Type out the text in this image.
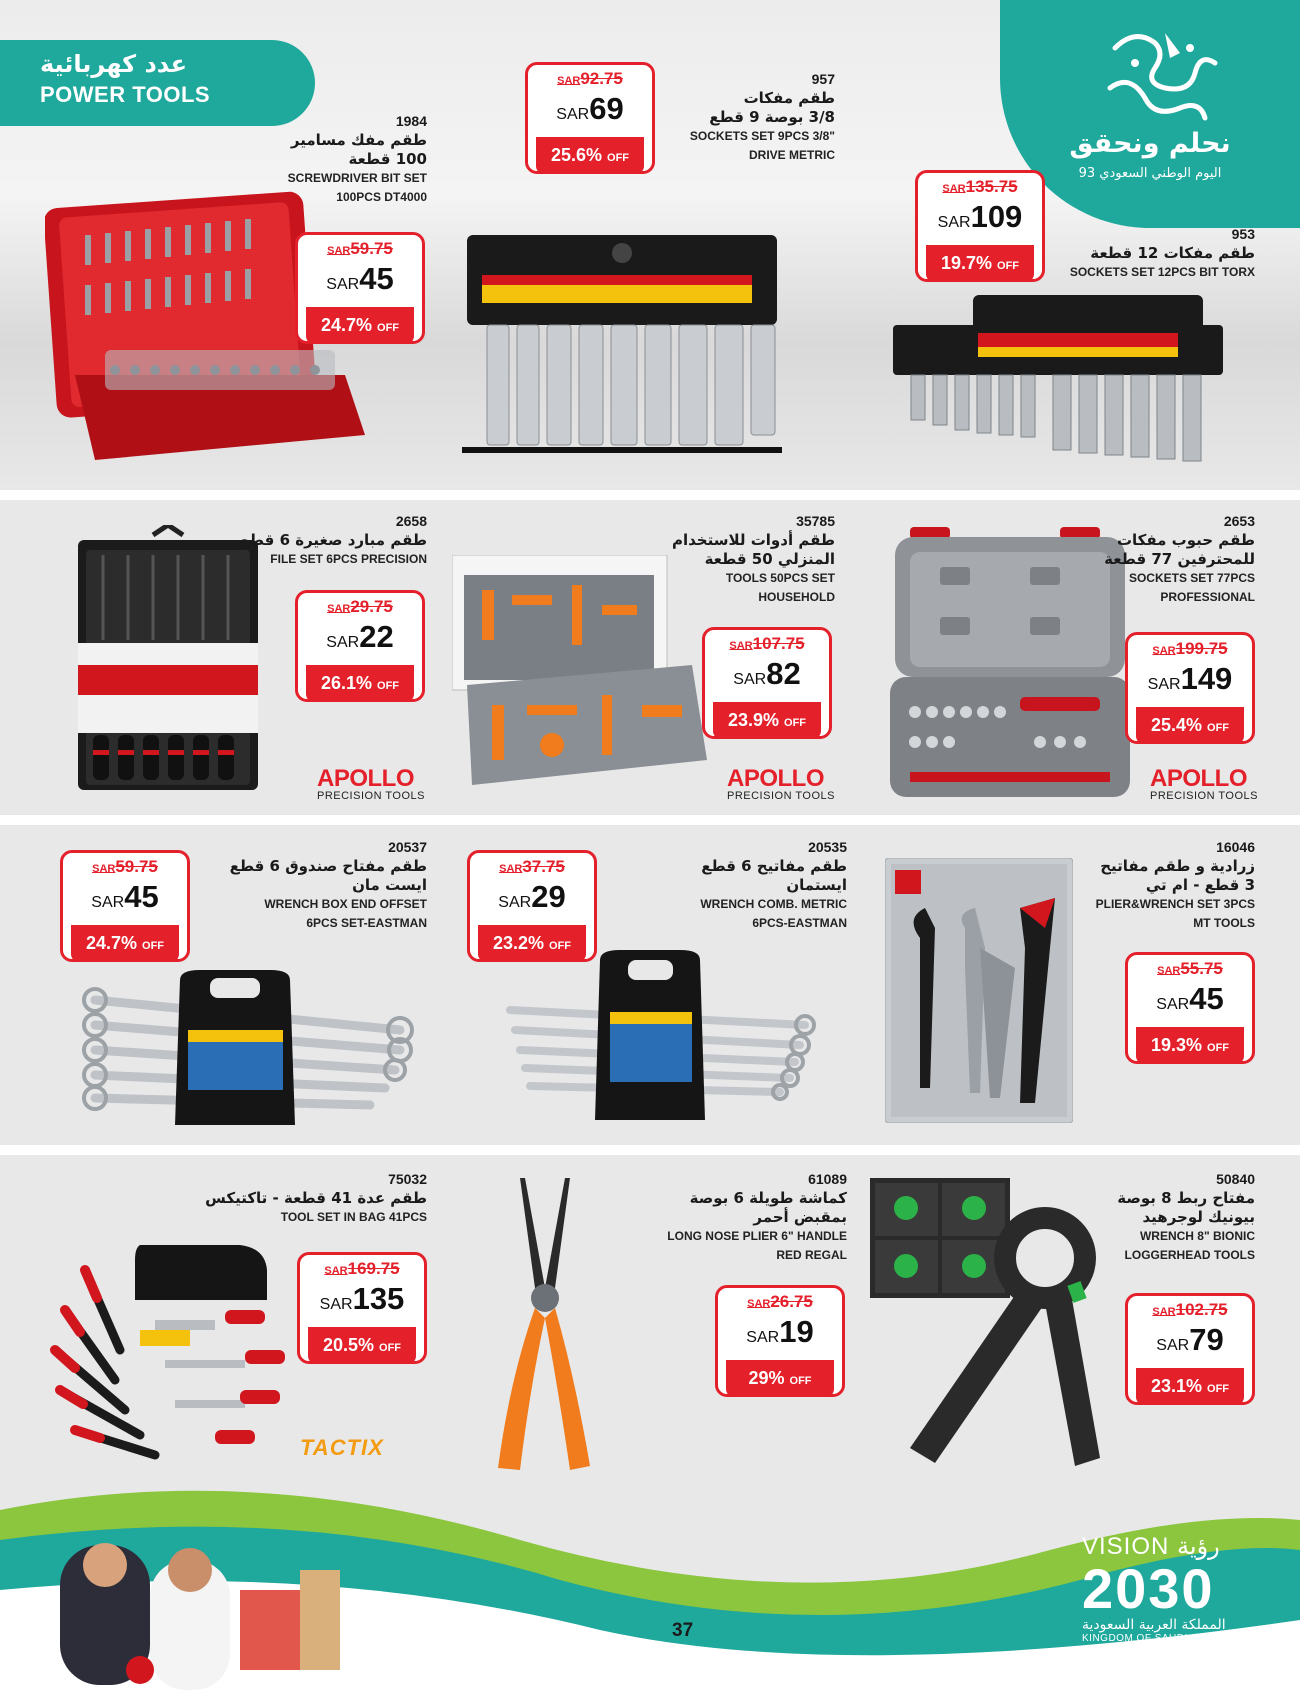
عدد كهربائية
POWER TOOLS
نحلم ونحقق
اليوم الوطني السعودي 93
1984
طقم مفك مسامير
100 قطعة
SCREWDRIVER BIT SET
100PCS DT4000
SAR59.75
SAR45
24.7% OFF
957
طقم مفكات
3/8 بوصة 9 قطع
SOCKETS SET 9PCS 3/8"
DRIVE METRIC
SAR92.75
SAR69
25.6% OFF
953
طقم مفكات 12 قطعة
SOCKETS SET 12PCS BIT TORX
SAR135.75
SAR109
19.7% OFF
2658
طقم مبارد صغيرة 6 قطع
FILE SET 6PCS PRECISION
SAR29.75
SAR22
26.1% OFF
APOLLO
PRECISION TOOLS
35785
طقم أدوات للاستخدام
المنزلي 50 قطعة
TOOLS 50PCS SET
HOUSEHOLD
SAR107.75
SAR82
23.9% OFF
APOLLO
PRECISION TOOLS
2653
طقم حبوب مفكات
للمحترفين 77 قطعة
SOCKETS SET 77PCS
PROFESSIONAL
SAR199.75
SAR149
25.4% OFF
APOLLO
PRECISION TOOLS
20537
طقم مفتاح صندوق 6 قطع
ايست مان
WRENCH BOX END OFFSET
6PCS SET-EASTMAN
SAR59.75
SAR45
24.7% OFF
20535
طقم مفاتيح 6 قطع
ايستمان
WRENCH COMB. METRIC
6PCS-EASTMAN
SAR37.75
SAR29
23.2% OFF
16046
زرادية و طقم مفاتيح
3 قطع - ام تي
PLIER&WRENCH SET 3PCS
MT TOOLS
SAR55.75
SAR45
19.3% OFF
75032
طقم عدة 41 قطعة - تاكتيكس
TOOL SET IN BAG 41PCS
SAR169.75
SAR135
20.5% OFF
TACTIX
61089
كماشة طويلة 6 بوصة
بمقبض أحمر
LONG NOSE PLIER 6" HANDLE
RED REGAL
SAR26.75
SAR19
29% OFF
50840
مفتاح ربط 8 بوصة
بيونيك لوجرهيد
WRENCH 8" BIONIC
LOGGERHEAD TOOLS
SAR102.75
SAR79
23.1% OFF
37
VISION رؤية
2030
المملكة العربية السعودية
KINGDOM OF SAUDI ARABIA
